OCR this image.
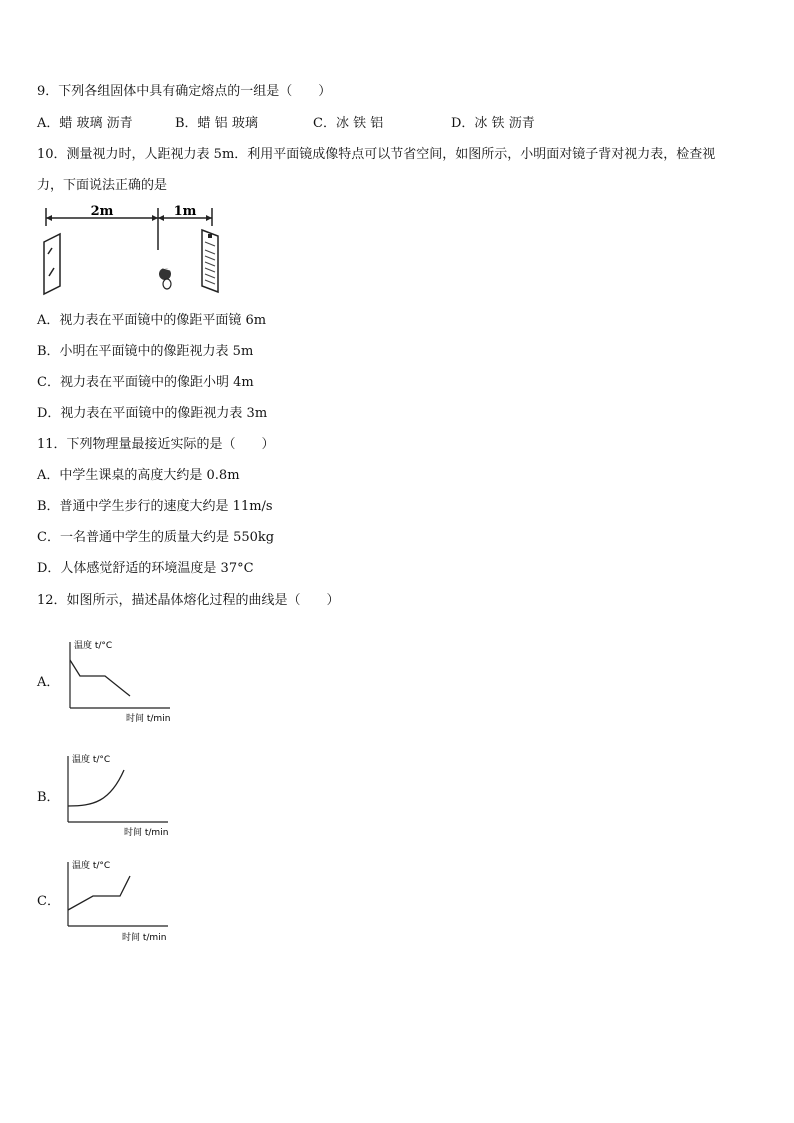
9．下列各组固体中具有确定熔点的一组是（　　）
A．蜡 玻璃 沥青	B．蜡 铝 玻璃	C．冰 铁 铝	D．冰 铁 沥青
10．测量视力时，人距视力表 5m．利用平面镜成像特点可以节省空间，如图所示，小明面对镜子背对视力表，检查视
力，下面说法正确的是
2m	1m
A．视力表在平面镜中的像距平面镜 6m
B．小明在平面镜中的像距视力表 5m
C．视力表在平面镜中的像距小明 4m
D．视力表在平面镜中的像距视力表 3m
11．下列物理量最接近实际的是（　　）
A．中学生课桌的高度大约是 0.8m
B．普通中学生步行的速度大约是 11m/s
C．一名普通中学生的质量大约是 550kg
D．人体感觉舒适的环境温度是 37°C
12．如图所示，描述晶体熔化过程的曲线是（　　）
A．
温度 t/°C
时间 t/min
B．
温度 t/°C
时间 t/min
C．
温度 t/°C
时间 t/min
